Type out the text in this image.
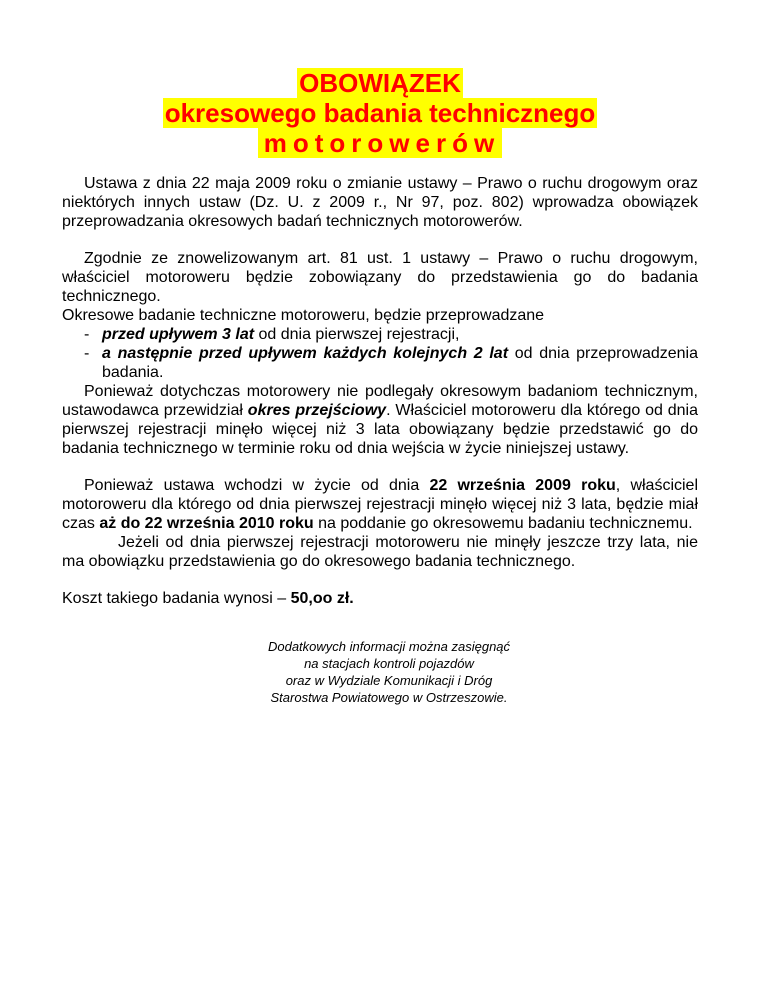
OBOWIĄZEK
okresowego badania technicznego
motorowerów

Ustawa z dnia 22 maja 2009 roku o zmianie ustawy – Prawo o ruchu drogowym oraz niektórych innych ustaw (Dz. U. z 2009 r., Nr 97, poz. 802) wprowadza obowiązek przeprowadzania okresowych badań technicznych motorowerów.

Zgodnie ze znowelizowanym art. 81 ust. 1 ustawy – Prawo o ruchu drogowym, właściciel motoroweru będzie zobowiązany do przedstawienia go do badania technicznego.

Okresowe badanie techniczne motoroweru, będzie przeprowadzane

- przed upływem 3 lat od dnia pierwszej rejestracji,
- a następnie przed upływem każdych kolejnych 2 lat od dnia przeprowadzenia badania.

Ponieważ dotychczas motorowery nie podlegały okresowym badaniom technicznym, ustawodawca przewidział okres przejściowy. Właściciel motoroweru dla którego od dnia pierwszej rejestracji minęło więcej niż 3 lata obowiązany będzie przedstawić go do badania technicznego w terminie roku od dnia wejścia w życie niniejszej ustawy.

Ponieważ ustawa wchodzi w życie od dnia 22 września 2009 roku, właściciel motoroweru dla którego od dnia pierwszej rejestracji minęło więcej niż 3 lata, będzie miał czas aż do 22 września 2010 roku na poddanie go okresowemu badaniu technicznemu.

Jeżeli od dnia pierwszej rejestracji motoroweru nie minęły jeszcze trzy lata, nie ma obowiązku przedstawienia go do okresowego badania technicznego.

Koszt takiego badania wynosi – 50,oo zł.

Dodatkowych informacji można zasięgnąć
na stacjach kontroli pojazdów
oraz w Wydziale Komunikacji i Dróg
Starostwa Powiatowego w Ostrzeszowie.
